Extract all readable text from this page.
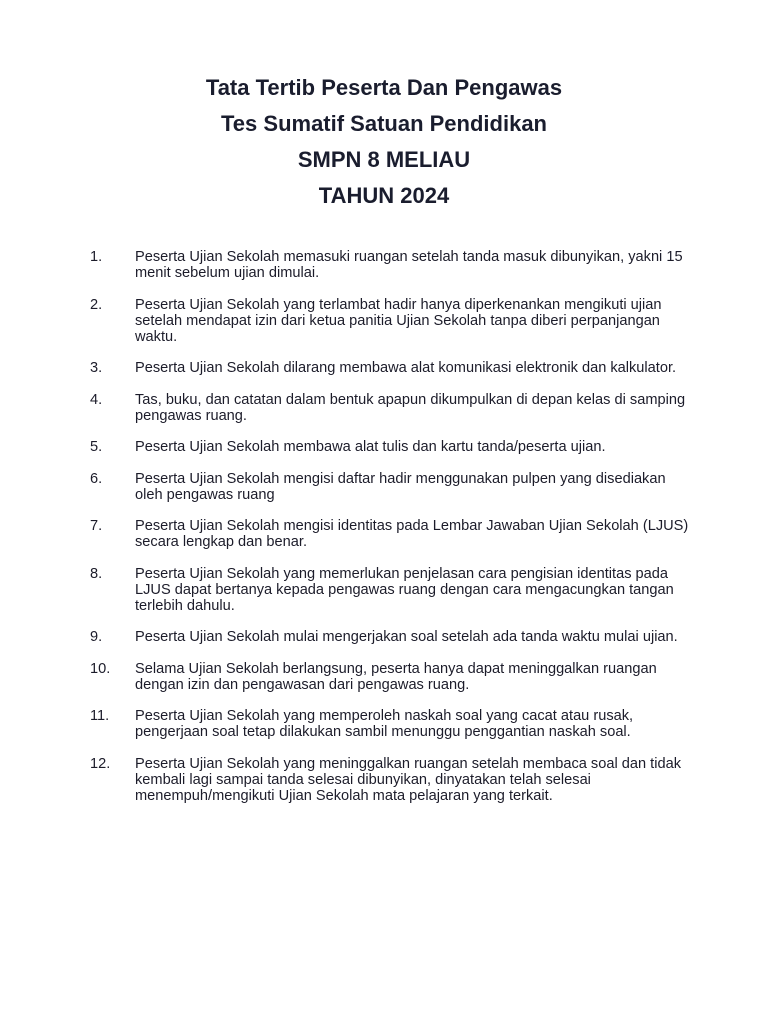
Tata Tertib Peserta Dan Pengawas

Tes Sumatif Satuan Pendidikan

SMPN 8 MELIAU

TAHUN 2024

1.	Peserta Ujian Sekolah memasuki ruangan setelah tanda masuk dibunyikan, yakni 15 menit sebelum ujian dimulai.
2.	Peserta Ujian Sekolah yang terlambat hadir hanya diperkenankan mengikuti ujian setelah mendapat izin dari ketua panitia Ujian Sekolah tanpa diberi perpanjangan waktu.
3.	Peserta Ujian Sekolah dilarang membawa alat komunikasi elektronik dan kalkulator.
4.	Tas, buku, dan catatan dalam bentuk apapun dikumpulkan di depan kelas di samping pengawas ruang.
5.	Peserta Ujian Sekolah membawa alat tulis dan kartu tanda/peserta ujian.
6.	Peserta Ujian Sekolah mengisi daftar hadir menggunakan pulpen yang disediakan oleh pengawas ruang
7.	Peserta Ujian Sekolah mengisi identitas pada Lembar Jawaban Ujian Sekolah (LJUS) secara lengkap dan benar.
8.	Peserta Ujian Sekolah yang memerlukan penjelasan cara pengisian identitas pada LJUS dapat bertanya kepada pengawas ruang dengan cara mengacungkan tangan terlebih dahulu.
9.	Peserta Ujian Sekolah mulai mengerjakan soal setelah ada tanda waktu mulai ujian.
10.	Selama Ujian Sekolah berlangsung, peserta hanya dapat meninggalkan ruangan dengan izin dan pengawasan dari pengawas ruang.
11.	Peserta Ujian Sekolah yang memperoleh naskah soal yang cacat atau rusak, pengerjaan soal tetap dilakukan sambil menunggu penggantian naskah soal.
12.	Peserta Ujian Sekolah yang meninggalkan ruangan setelah membaca soal dan tidak kembali lagi sampai tanda selesai dibunyikan, dinyatakan telah selesai menempuh/mengikuti Ujian Sekolah mata pelajaran yang terkait.
